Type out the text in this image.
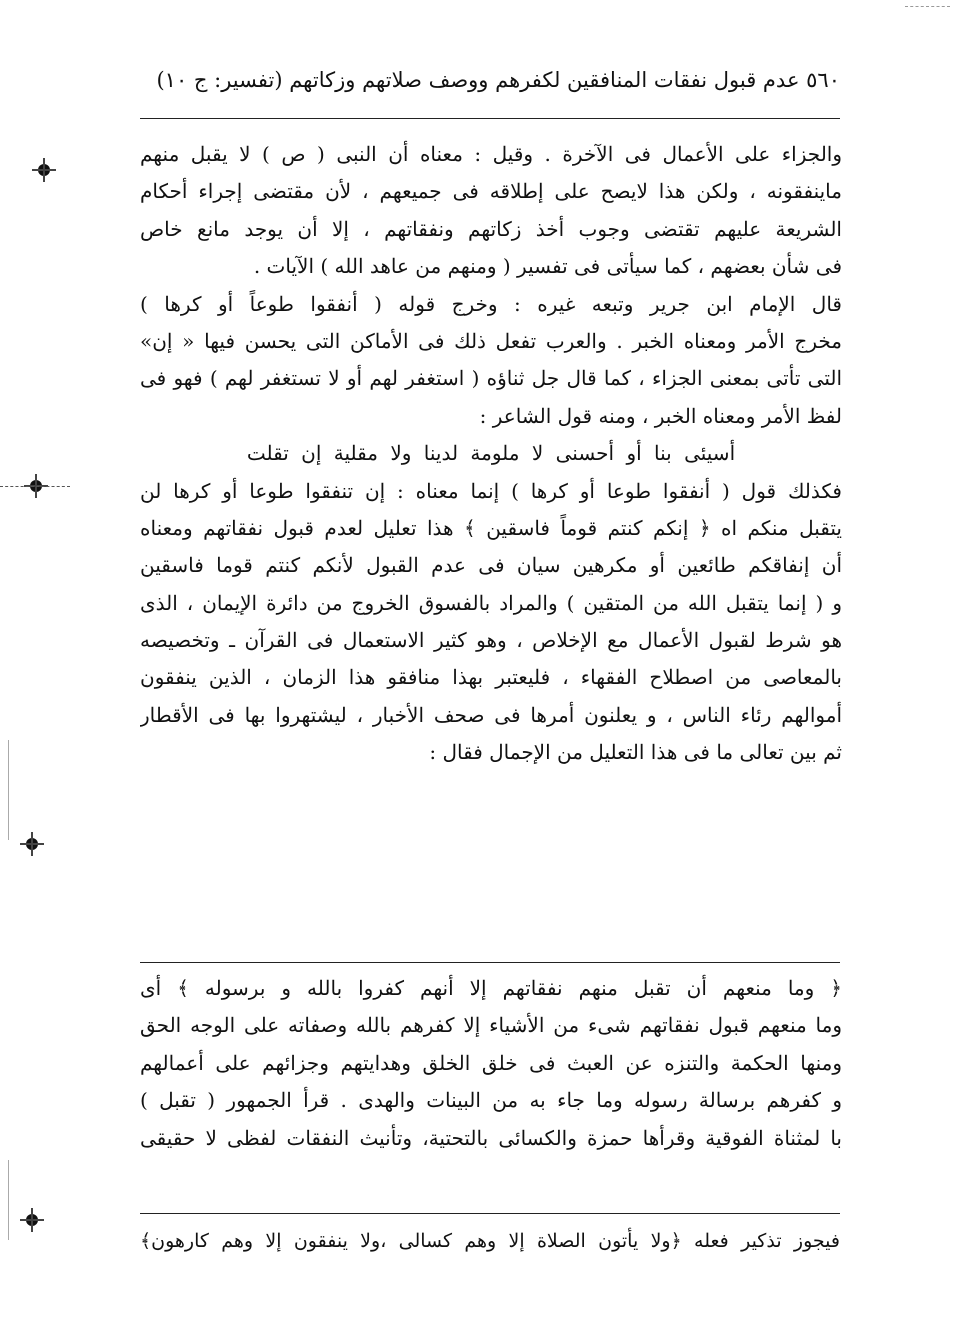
٥٦٠ عدم قبول نفقات المنافقين لكفرهم ووصف صلاتهم وزكاتهم (تفسير: ج ١٠)
والجزاء على الأعمال فى الآخرة . وقيل : معناه أن النبى ( ص ) لا يقبل منهم
ماينفقونه ، ولكن هذا لايصح على إطلاقه فى جميعهم ، لأن مقتضى إجراء أحكام
الشريعة عليهم تقتضى وجوب أخذ زكاتهم ونفقاتهم ، إلا أن يوجد مانع خاص
فى شأن بعضهم ، كما سيأتى فى تفسير ( ومنهم من عاهد الله ) الآيات .
قال الإمام ابن جرير وتبعه غيره : وخرج قوله ( أنفقوا طوعاً أو كرها )
مخرج الأمر ومعناه الخبر . والعرب تفعل ذلك فى الأماكن التى يحسن فيها « إن»
التى تأتى بمعنى الجزاء ، كما قال جل ثناؤه ( استغفر لهم أو لا تستغفر لهم ) فهو فى
لفظ الأمر ومعناه الخبر ، ومنه قول الشاعر :
أسيئى بنا أو أحسنى لا ملومة لدينا ولا مقلية إن تقلت
فكذلك قول ( أنفقوا طوعا أو كرها ) إنما معناه : إن تنفقوا طوعا أو كرها لن
يتقبل منكم اه ﴿ إنكم كنتم قوماً فاسقين ﴾ هذا تعليل لعدم قبول نفقاتهم ومعناه
أن إنفاقكم طائعين أو مكرهين سيان فى عدم القبول لأنكم كنتم قوما فاسقين
و ( إنما يتقبل الله من المتقين ) والمراد بالفسوق الخروج من دائرة الإيمان ، الذى
هو شرط لقبول الأعمال مع الإخلاص ، وهو كثير الاستعمال فى القرآن ـ وتخصيصه
بالمعاصى من اصطلاح الفقهاء ، فليعتبر بهذا منافقو هذا الزمان ، الذين ينفقون
أموالهم رئاء الناس ، و يعلنون أمرها فى صحف الأخبار ، ليشتهروا بها فى الأقطار
ثم بين تعالى ما فى هذا التعليل من الإجمال فقال :
﴿ وما منعهم أن تقبل منهم نفقاتهم إلا أنهم كفروا بالله و برسوله ﴾ أى
وما منعهم قبول نفقاتهم شىء من الأشياء إلا كفرهم بالله وصفاته على الوجه الحق
ومنها الحكمة والتنزه عن العبث فى خلق الخلق وهدايتهم وجزائهم على أعمالهم
و كفرهم برسالة رسوله وما جاء به من البينات والهدى . قرأ الجمهور ( تقبل )
با لمثناة الفوقية وقرأها حمزة والكسائى بالتحتية، وتأنيث النفقات لفظى لا حقيقى
فيجوز تذكير فعله ﴿ولا يأتون الصلاة إلا وهم كسالى ،ولا ينفقون إلا وهم كارهون﴾
